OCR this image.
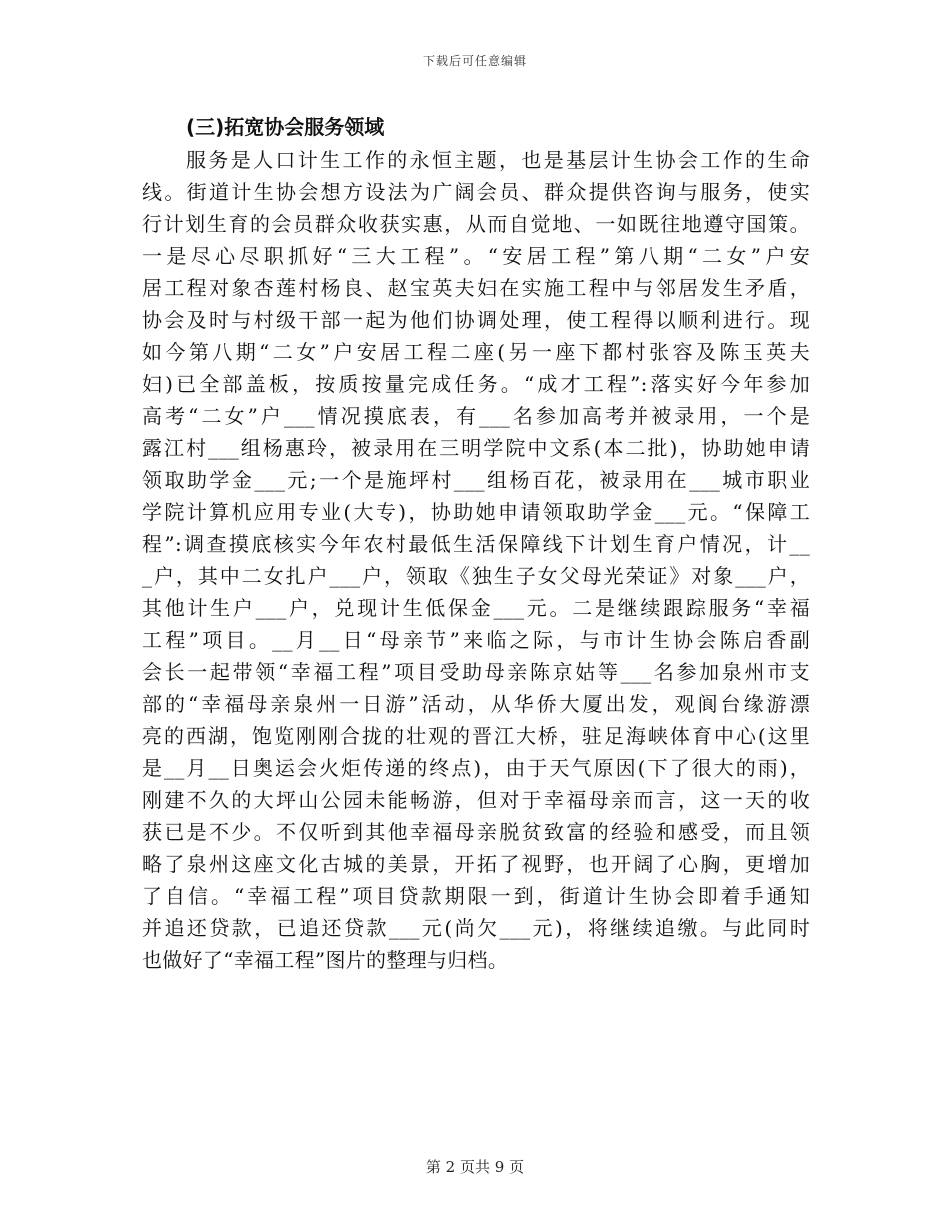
下载后可任意编辑
(三)拓宽协会服务领域
服务是人口计生工作的永恒主题，也是基层计生协会工作的生命
线。街道计生协会想方设法为广阔会员、群众提供咨询与服务，使实
行计划生育的会员群众收获实惠，从而自觉地、一如既往地遵守国策。
一是尽心尽职抓好“三大工程”。“安居工程”第八期“二女”户安
居工程对象杏莲村杨良、赵宝英夫妇在实施工程中与邻居发生矛盾，
协会及时与村级干部一起为他们协调处理，使工程得以顺利进行。现
如今第八期“二女”户安居工程二座(另一座下都村张容及陈玉英夫
妇)已全部盖板，按质按量完成任务。“成才工程”:落实好今年参加
高考“二女”户___情况摸底表，有___名参加高考并被录用，一个是
露江村___组杨惠玲，被录用在三明学院中文系(本二批)，协助她申请
领取助学金___元;一个是施坪村___组杨百花，被录用在___城市职业
学院计算机应用专业(大专)，协助她申请领取助学金___元。“保障工
程”:调查摸底核实今年农村最低生活保障线下计划生育户情况，计__
_户，其中二女扎户___户，领取《独生子女父母光荣证》对象___户，
其他计生户___户，兑现计生低保金___元。二是继续跟踪服务“幸福
工程”项目。__月__日“母亲节”来临之际，与市计生协会陈启香副
会长一起带领“幸福工程”项目受助母亲陈京姑等___名参加泉州市支
部的“幸福母亲泉州一日游”活动，从华侨大厦出发，观阆台缘游漂
亮的西湖，饱览刚刚合拢的壮观的晋江大桥，驻足海峡体育中心(这里
是__月__日奥运会火炬传递的终点)，由于天气原因(下了很大的雨)，
刚建不久的大坪山公园未能畅游，但对于幸福母亲而言，这一天的收
获已是不少。不仅听到其他幸福母亲脱贫致富的经验和感受，而且领
略了泉州这座文化古城的美景，开拓了视野，也开阔了心胸，更增加
了自信。“幸福工程”项目贷款期限一到，街道计生协会即着手通知
并追还贷款，已追还贷款___元(尚欠___元)，将继续追缴。与此同时
也做好了“幸福工程”图片的整理与归档。
第 2 页共 9 页
